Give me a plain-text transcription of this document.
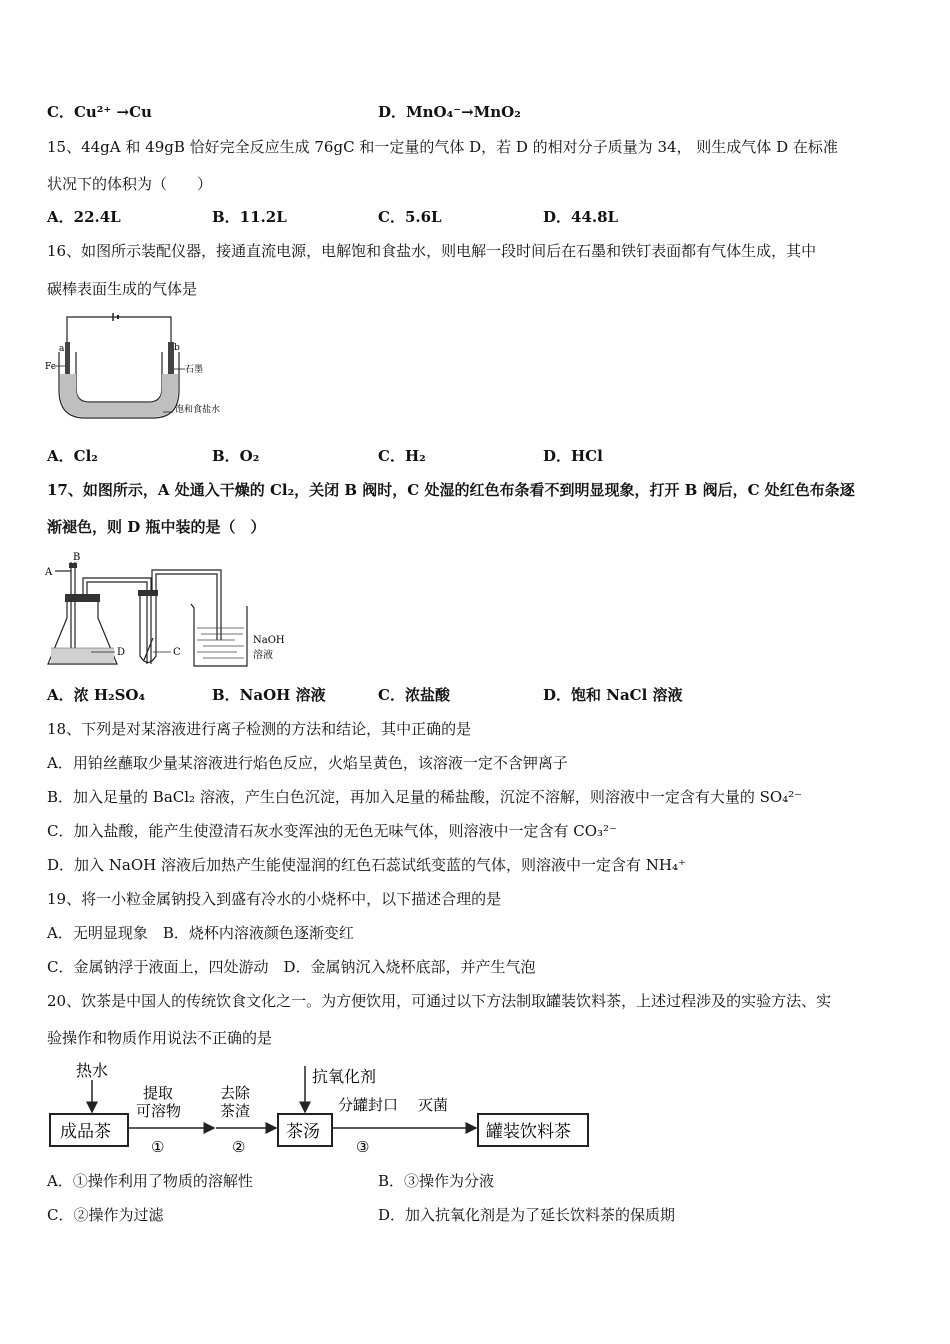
C．Cu²⁺ →Cu	D．MnO₄⁻→MnO₂
15、44gA 和 49gB 恰好完全反应生成 76gC 和一定量的气体 D，若 D 的相对分子质量为 34， 则生成气体 D 在标准
状况下的体积为（　　）
A．22.4L	B．11.2L	C．5.6L	D．44.8L
16、如图所示装配仪器，接通直流电源，电解饱和食盐水，则电解一段时间后在石墨和铁钉表面都有气体生成，其中
碳棒表面生成的气体是
a	b
Fe	石墨
饱和食盐水
A．Cl₂	B．O₂	C．H₂	D．HCl
17、如图所示，A 处通入干燥的 Cl₂，关闭 B 阀时，C 处湿的红色布条看不到明显现象，打开 B 阀后，C 处红色布条逐
渐褪色，则 D 瓶中装的是（　）
B
A
D	C
NaOH
溶液
A．浓 H₂SO₄	B．NaOH 溶液	C．浓盐酸	D．饱和 NaCl 溶液
18、下列是对某溶液进行离子检测的方法和结论，其中正确的是
A．用铂丝蘸取少量某溶液进行焰色反应，火焰呈黄色，该溶液一定不含钾离子
B．加入足量的 BaCl₂ 溶液，产生白色沉淀，再加入足量的稀盐酸，沉淀不溶解，则溶液中一定含有大量的 SO₄²⁻
C．加入盐酸，能产生使澄清石灰水变浑浊的无色无味气体，则溶液中一定含有 CO₃²⁻
D．加入 NaOH 溶液后加热产生能使湿润的红色石蕊试纸变蓝的气体，则溶液中一定含有 NH₄⁺
19、将一小粒金属钠投入到盛有冷水的小烧杯中，以下描述合理的是
A．无明显现象　B．烧杯内溶液颜色逐渐变红
C．金属钠浮于液面上，四处游动　D．金属钠沉入烧杯底部，并产生气泡
20、饮茶是中国人的传统饮食文化之一。为方便饮用，可通过以下方法制取罐装饮料茶，上述过程涉及的实验方法、实
验操作和物质作用说法不正确的是
热水
成品茶
提取
可溶物
①
去除
茶渣
②
抗氧化剂
茶汤
分罐封口
③
灭菌
罐装饮料茶
A．①操作利用了物质的溶解性	B．③操作为分液
C．②操作为过滤	D．加入抗氧化剂是为了延长饮料茶的保质期
